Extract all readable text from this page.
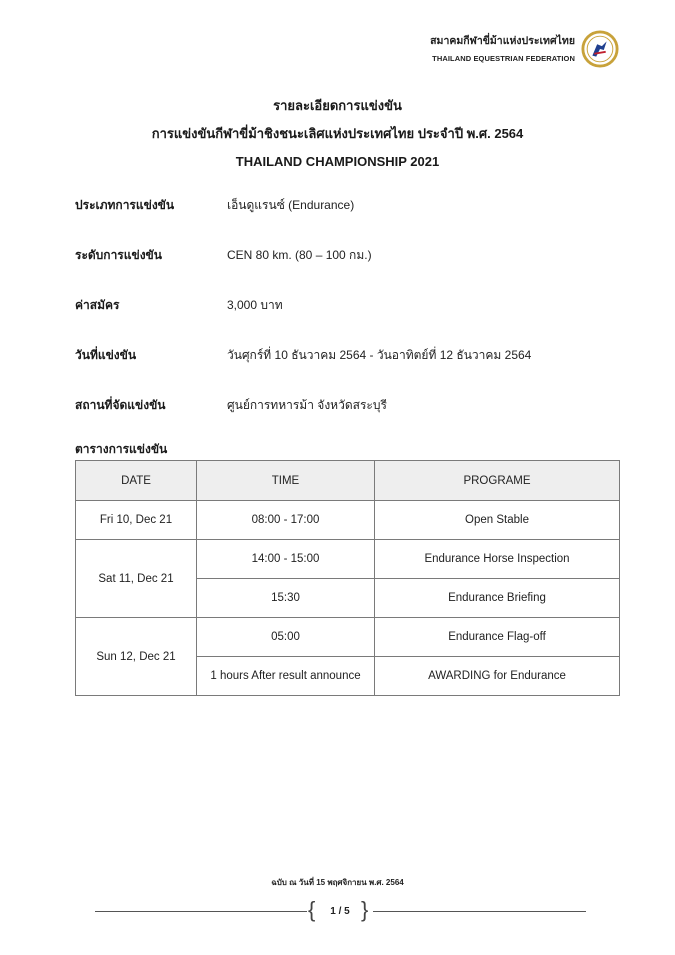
สมาคมกีฬาขี่ม้าแห่งประเทศไทย
THAILAND EQUESTRIAN FEDERATION
รายละเอียดการแข่งขัน
การแข่งขันกีฬาขี่ม้าชิงชนะเลิศแห่งประเทศไทย ประจำปี พ.ศ. 2564
THAILAND CHAMPIONSHIP 2021
ประเภทการแข่งขัน	เอ็นดูแรนซ์ (Endurance)
ระดับการแข่งขัน	CEN 80 km. (80 – 100 กม.)
ค่าสมัคร	3,000 บาท
วันที่แข่งขัน	วันศุกร์ที่ 10 ธันวาคม 2564 - วันอาทิตย์ที่ 12 ธันวาคม 2564
สถานที่จัดแข่งขัน	ศูนย์การทหารม้า จังหวัดสระบุรี
ตารางการแข่งขัน
DATE	TIME	PROGRAME
Fri 10, Dec 21	08:00 - 17:00	Open Stable
Sat 11, Dec 21	14:00 - 15:00	Endurance Horse Inspection
	15:30	Endurance Briefing
Sun 12, Dec 21	05:00	Endurance Flag-off
	1 hours After result announce	AWARDING for Endurance
ฉบับ ณ วันที่ 15 พฤศจิกายน พ.ศ. 2564
{ }
1 / 5
